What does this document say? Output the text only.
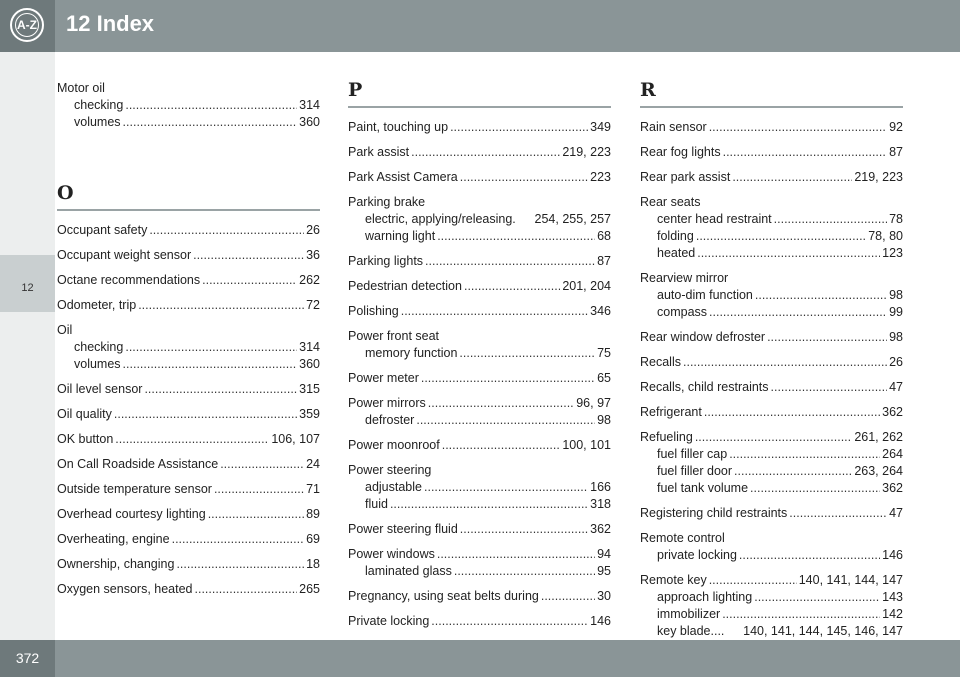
A-Z 12 Index
12
Motor oil
checking .....	314
volumes .....	360
O
Occupant safety .....	26
Occupant weight sensor .....	36
Octane recommendations .....	262
Odometer, trip .....	72
Oil
checking .....	314
volumes .....	360
Oil level sensor .....	315
Oil quality .....	359
OK button .....	106, 107
On Call Roadside Assistance .....	24
Outside temperature sensor .....	71
Overhead courtesy lighting .....	89
Overheating, engine .....	69
Ownership, changing .....	18
Oxygen sensors, heated .....	265
P
Paint, touching up .....	349
Park assist .....	219, 223
Park Assist Camera .....	223
Parking brake
electric, applying/releasing. 254, 255, 257
warning light .....	68
Parking lights .....	87
Pedestrian detection .....	201, 204
Polishing .....	346
Power front seat
memory function .....	75
Power meter .....	65
Power mirrors .....	96, 97
defroster .....	98
Power moonroof .....	100, 101
Power steering
adjustable .....	166
fluid .....	318
Power steering fluid .....	362
Power windows .....	94
laminated glass .....	95
Pregnancy, using seat belts during .....	30
Private locking .....	146
R
Rain sensor .....	92
Rear fog lights .....	87
Rear park assist .....	219, 223
Rear seats
center head restraint .....	78
folding .....	78, 80
heated .....	123
Rearview mirror
auto-dim function .....	98
compass .....	99
Rear window defroster .....	98
Recalls .....	26
Recalls, child restraints .....	47
Refrigerant .....	362
Refueling .....	261, 262
fuel filler cap .....	264
fuel filler door .....	263, 264
fuel tank volume .....	362
Registering child restraints .....	47
Remote control
private locking .....	146
Remote key .....	140, 141, 144, 147
approach lighting .....	143
immobilizer .....	142
key blade.... 140, 141, 144, 145, 146, 147
372
